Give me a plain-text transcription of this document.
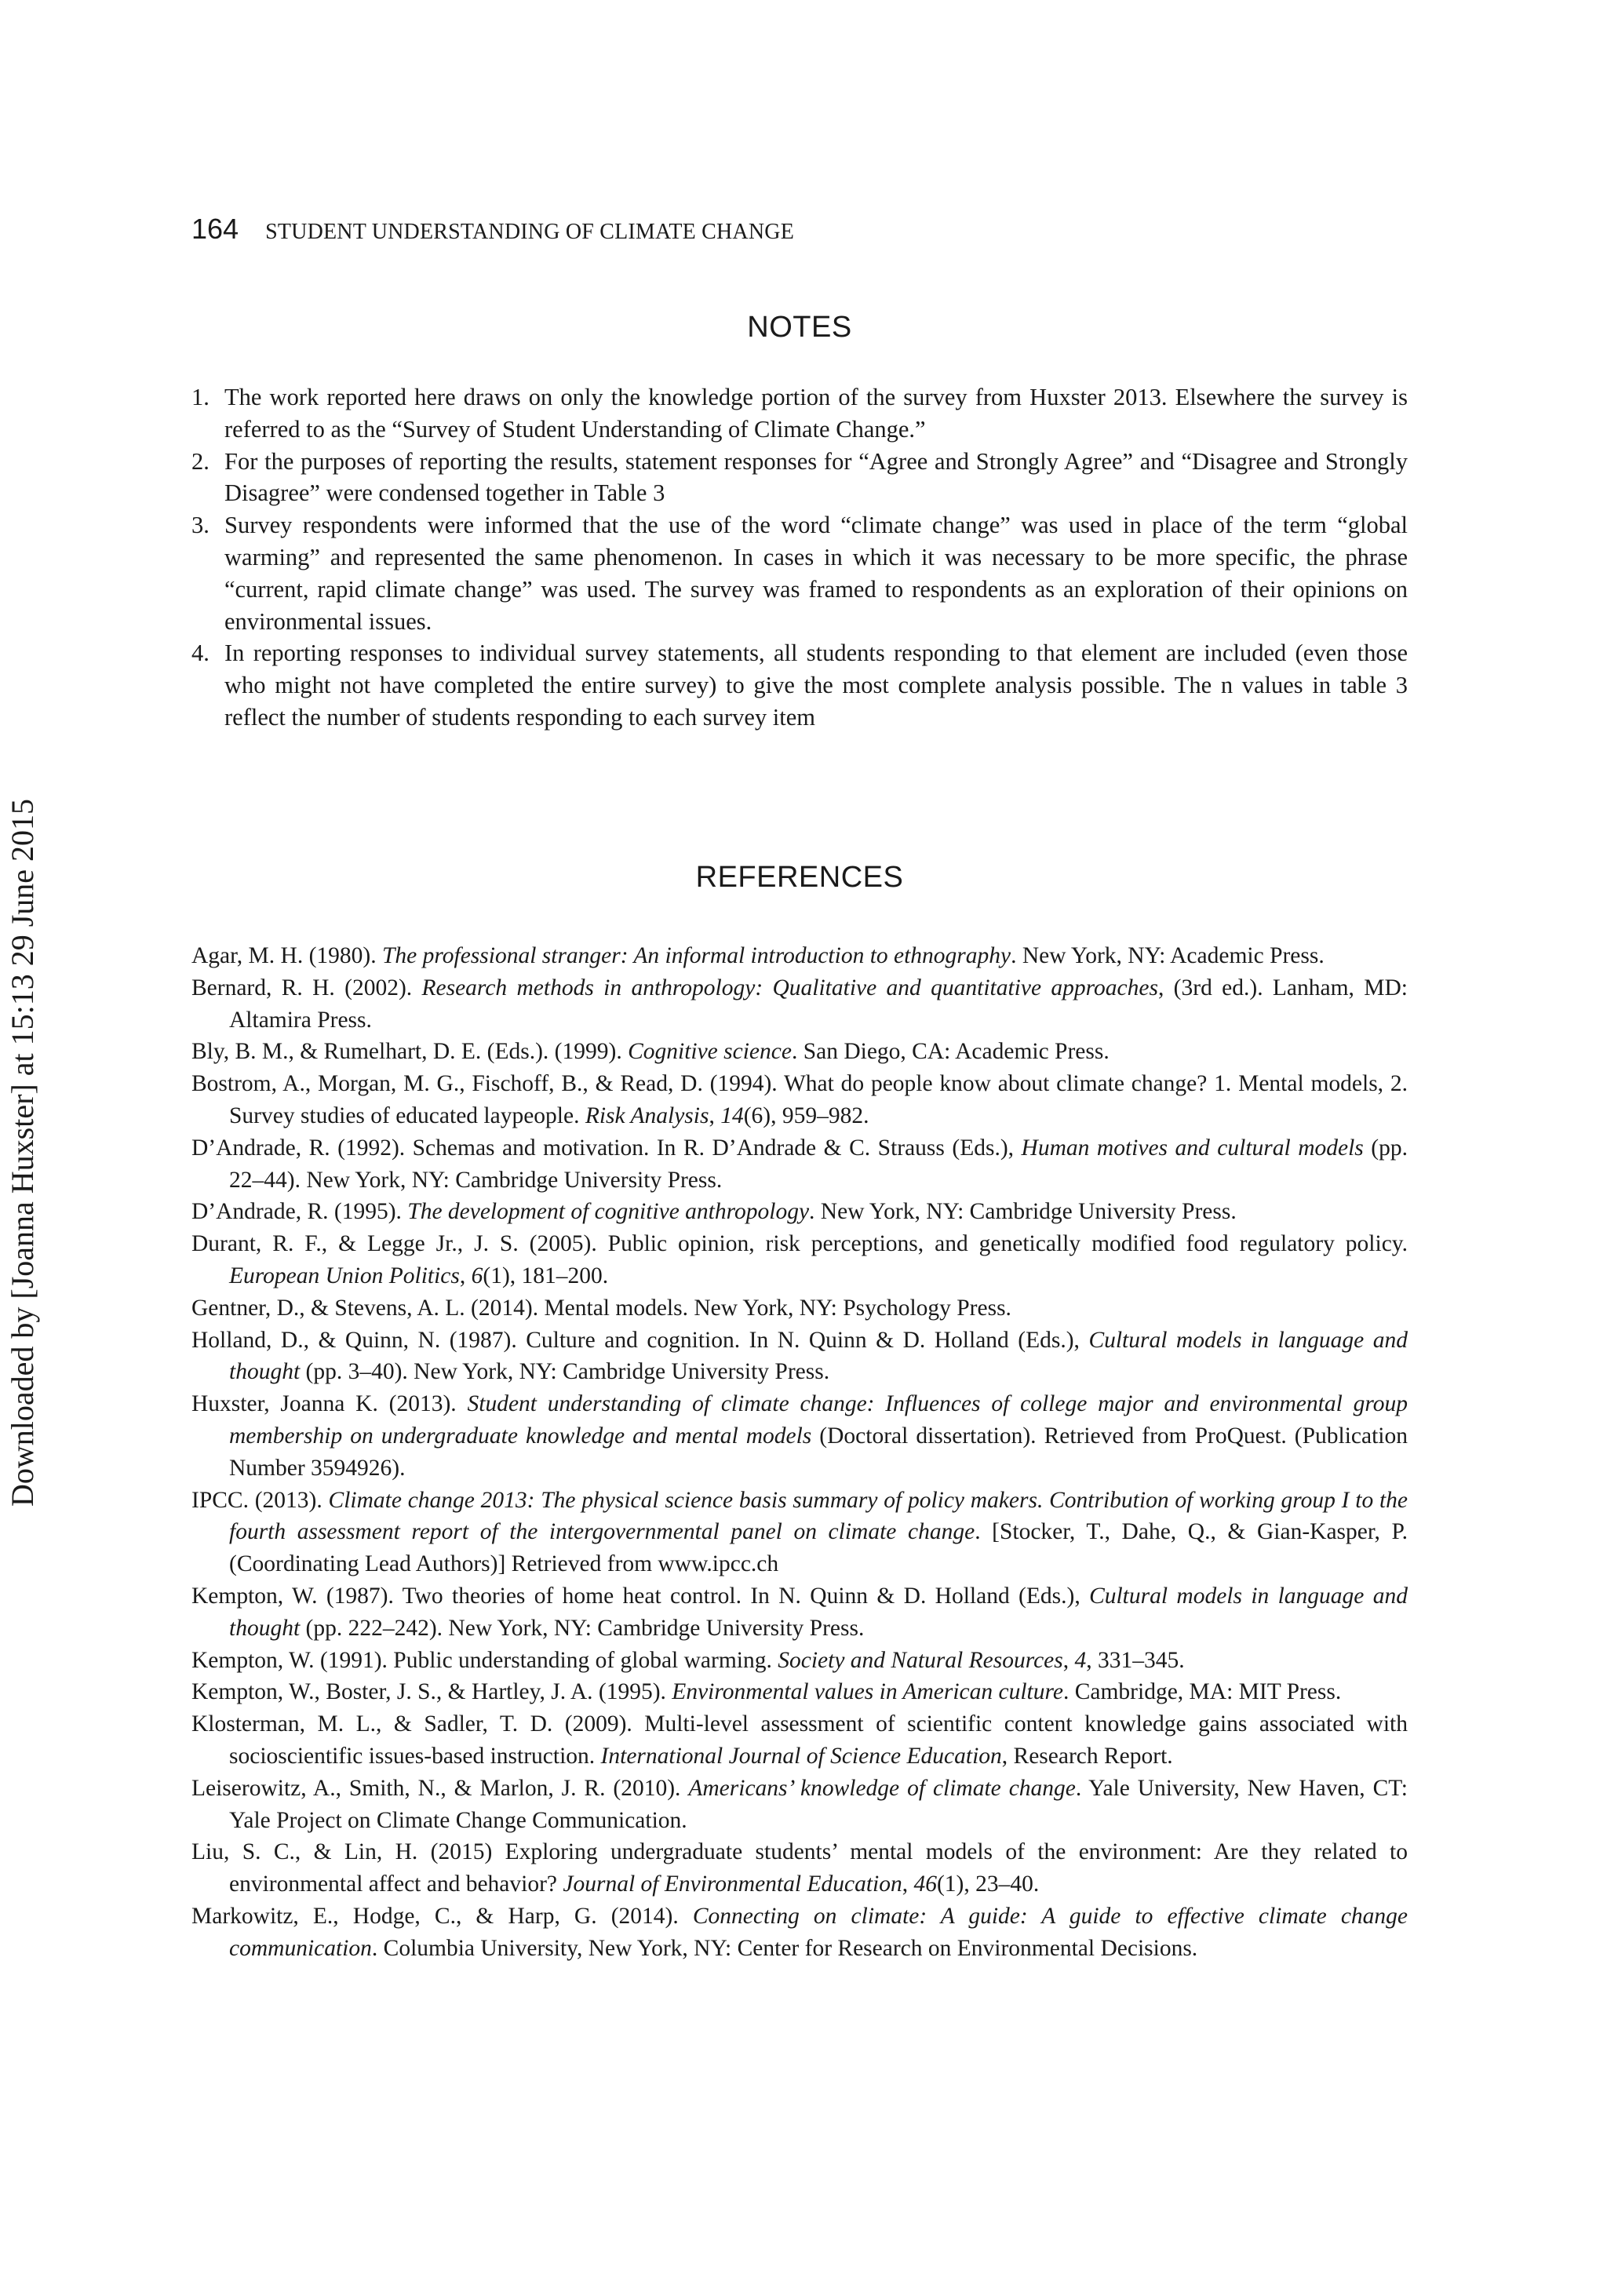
164 STUDENT UNDERSTANDING OF CLIMATE CHANGE
Downloaded by [Joanna Huxster] at 15:13 29 June 2015
NOTES
1. The work reported here draws on only the knowledge portion of the survey from Huxster 2013. Elsewhere the survey is referred to as the “Survey of Student Understanding of Climate Change.”
2. For the purposes of reporting the results, statement responses for “Agree and Strongly Agree” and “Disagree and Strongly Disagree” were condensed together in Table 3
3. Survey respondents were informed that the use of the word “climate change” was used in place of the term “global warming” and represented the same phenomenon. In cases in which it was necessary to be more specific, the phrase “current, rapid climate change” was used. The survey was framed to respondents as an exploration of their opinions on environmental issues.
4. In reporting responses to individual survey statements, all students responding to that element are included (even those who might not have completed the entire survey) to give the most complete analysis possible. The n values in table 3 reflect the number of students responding to each survey item
REFERENCES
Agar, M. H. (1980). The professional stranger: An informal introduction to ethnography. New York, NY: Academic Press.
Bernard, R. H. (2002). Research methods in anthropology: Qualitative and quantitative approaches, (3rd ed.). Lanham, MD: Altamira Press.
Bly, B. M., & Rumelhart, D. E. (Eds.). (1999). Cognitive science. San Diego, CA: Academic Press.
Bostrom, A., Morgan, M. G., Fischoff, B., & Read, D. (1994). What do people know about climate change? 1. Mental models, 2. Survey studies of educated laypeople. Risk Analysis, 14(6), 959–982.
D’Andrade, R. (1992). Schemas and motivation. In R. D’Andrade & C. Strauss (Eds.), Human motives and cultural models (pp. 22–44). New York, NY: Cambridge University Press.
D’Andrade, R. (1995). The development of cognitive anthropology. New York, NY: Cambridge University Press.
Durant, R. F., & Legge Jr., J. S. (2005). Public opinion, risk perceptions, and genetically modified food regulatory policy. European Union Politics, 6(1), 181–200.
Gentner, D., & Stevens, A. L. (2014). Mental models. New York, NY: Psychology Press.
Holland, D., & Quinn, N. (1987). Culture and cognition. In N. Quinn & D. Holland (Eds.), Cultural models in language and thought (pp. 3–40). New York, NY: Cambridge University Press.
Huxster, Joanna K. (2013). Student understanding of climate change: Influences of college major and environmental group membership on undergraduate knowledge and mental models (Doctoral dissertation). Retrieved from ProQuest. (Publication Number 3594926).
IPCC. (2013). Climate change 2013: The physical science basis summary of policy makers. Contribution of working group I to the fourth assessment report of the intergovernmental panel on climate change. [Stocker, T., Dahe, Q., & Gian-Kasper, P. (Coordinating Lead Authors)] Retrieved from www.ipcc.ch
Kempton, W. (1987). Two theories of home heat control. In N. Quinn & D. Holland (Eds.), Cultural models in language and thought (pp. 222–242). New York, NY: Cambridge University Press.
Kempton, W. (1991). Public understanding of global warming. Society and Natural Resources, 4, 331–345.
Kempton, W., Boster, J. S., & Hartley, J. A. (1995). Environmental values in American culture. Cambridge, MA: MIT Press.
Klosterman, M. L., & Sadler, T. D. (2009). Multi-level assessment of scientific content knowledge gains associated with socioscientific issues-based instruction. International Journal of Science Education, Research Report.
Leiserowitz, A., Smith, N., & Marlon, J. R. (2010). Americans’ knowledge of climate change. Yale University, New Haven, CT: Yale Project on Climate Change Communication.
Liu, S. C., & Lin, H. (2015) Exploring undergraduate students’ mental models of the environment: Are they related to environmental affect and behavior? Journal of Environmental Education, 46(1), 23–40.
Markowitz, E., Hodge, C., & Harp, G. (2014). Connecting on climate: A guide: A guide to effective climate change communication. Columbia University, New York, NY: Center for Research on Environmental Decisions.
